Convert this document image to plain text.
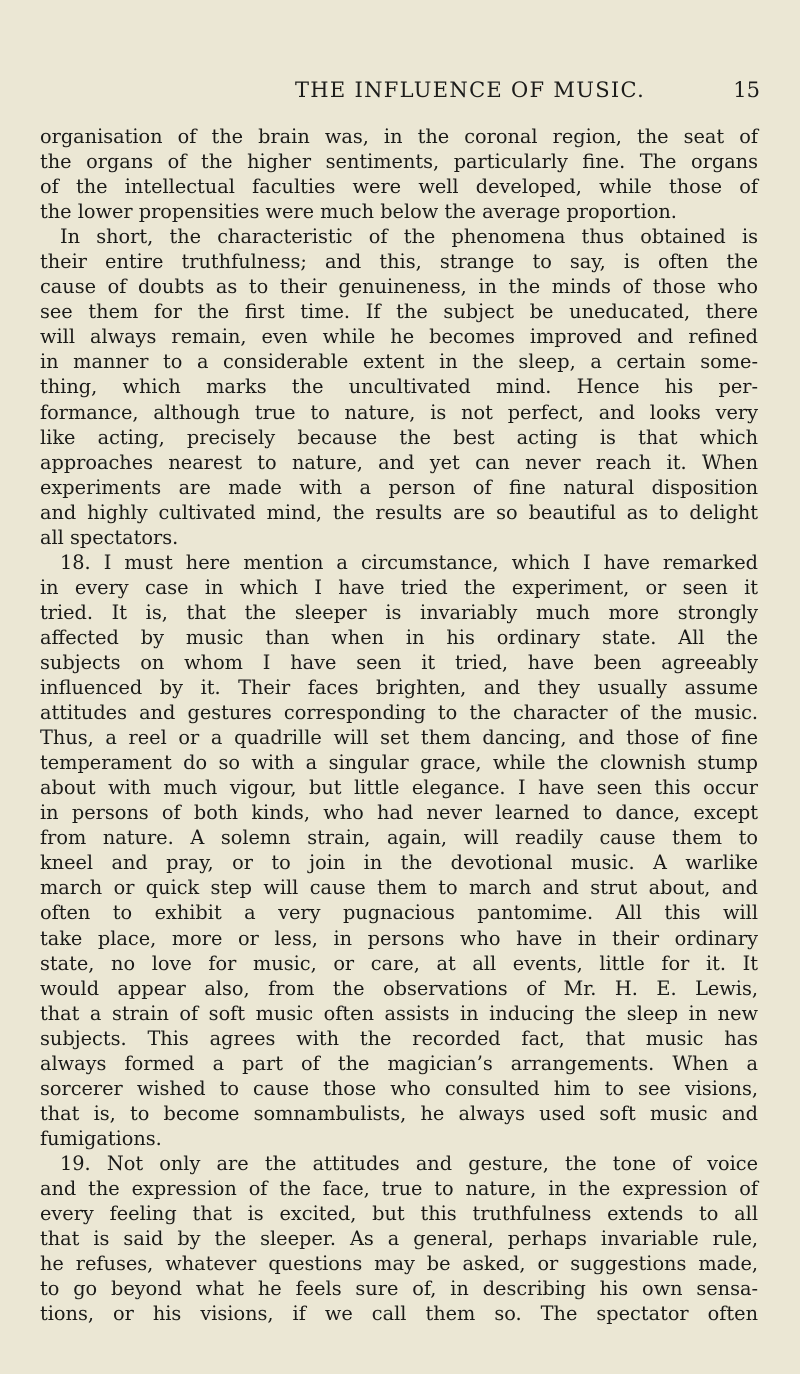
THE INFLUENCE OF MUSIC.	15
organisation of the brain was, in the coronal region, the seat of
the organs of the higher sentiments, particularly fine. The organs
of the intellectual faculties were well developed, while those of
the lower propensities were much below the average proportion.
In short, the characteristic of the phenomena thus obtained is
their entire truthfulness; and this, strange to say, is often the
cause of doubts as to their genuineness, in the minds of those who
see them for the first time. If the subject be uneducated, there
will always remain, even while he becomes improved and refined
in manner to a considerable extent in the sleep, a certain some-
thing, which marks the uncultivated mind. Hence his per-
formance, although true to nature, is not perfect, and looks very
like acting, precisely because the best acting is that which
approaches nearest to nature, and yet can never reach it. When
experiments are made with a person of fine natural disposition
and highly cultivated mind, the results are so beautiful as to delight
all spectators.
18. I must here mention a circumstance, which I have remarked
in every case in which I have tried the experiment, or seen it
tried. It is, that the sleeper is invariably much more strongly
affected by music than when in his ordinary state. All the
subjects on whom I have seen it tried, have been agreeably
influenced by it. Their faces brighten, and they usually assume
attitudes and gestures corresponding to the character of the music.
Thus, a reel or a quadrille will set them dancing, and those of fine
temperament do so with a singular grace, while the clownish stump
about with much vigour, but little elegance. I have seen this occur
in persons of both kinds, who had never learned to dance, except
from nature. A solemn strain, again, will readily cause them to
kneel and pray, or to join in the devotional music. A warlike
march or quick step will cause them to march and strut about, and
often to exhibit a very pugnacious pantomime. All this will
take place, more or less, in persons who have in their ordinary
state, no love for music, or care, at all events, little for it. It
would appear also, from the observations of Mr. H. E. Lewis,
that a strain of soft music often assists in inducing the sleep in new
subjects. This agrees with the recorded fact, that music has
always formed a part of the magician’s arrangements. When a
sorcerer wished to cause those who consulted him to see visions,
that is, to become somnambulists, he always used soft music and
fumigations.
19. Not only are the attitudes and gesture, the tone of voice
and the expression of the face, true to nature, in the expression of
every feeling that is excited, but this truthfulness extends to all
that is said by the sleeper. As a general, perhaps invariable rule,
he refuses, whatever questions may be asked, or suggestions made,
to go beyond what he feels sure of, in describing his own sensa-
tions, or his visions, if we call them so. The spectator often
